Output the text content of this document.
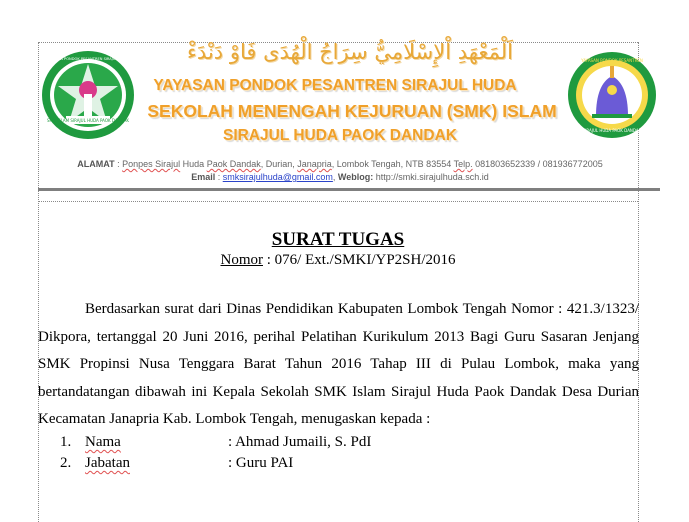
SMK ISLAM SIRAJUL HUDA PAOK DANDAK
YAYASAN PONDOK PESANTREN SIRAJUL HUDA	YAYASAN PONDOK PESANTREN
SIRAJUL HUDA PAOK DANDAK
اَلْمَعْهَدِ اْلإِسْلَامِيُّ سِرَاجُ الْهُدَى فَاوْ دَنْدَءْ
YAYASAN PONDOK PESANTREN SIRAJUL HUDA
SEKOLAH MENENGAH KEJURUAN (SMK) ISLAM
SIRAJUL HUDA PAOK DANDAK
ALAMAT : Ponpes Sirajul Huda Paok Dandak, Durian, Janapria, Lombok Tengah, NTB 83554 Telp. 081803652339 / 081936772005
Email : smksirajulhuda@gmail.com, Weblog: http://smki.sirajulhuda.sch.id
SURAT TUGAS
Nomor : 076/ Ext./SMKI/YP2SH/2016
Berdasarkan surat dari Dinas Pendidikan Kabupaten Lombok Tengah Nomor : 421.3/1323/ Dikpora, tertanggal 20 Juni 2016, perihal Pelatihan Kurikulum 2013 Bagi Guru Sasaran Jenjang SMK Propinsi Nusa Tenggara Barat Tahun 2016 Tahap III di Pulau Lombok, maka yang bertandatangan dibawah ini Kepala Sekolah SMK Islam Sirajul Huda Paok Dandak Desa Durian Kecamatan Janapria Kab. Lombok Tengah, menugaskan kepada :
1. Nama	: Ahmad Jumaili, S. PdI
2. Jabatan	: Guru PAI
